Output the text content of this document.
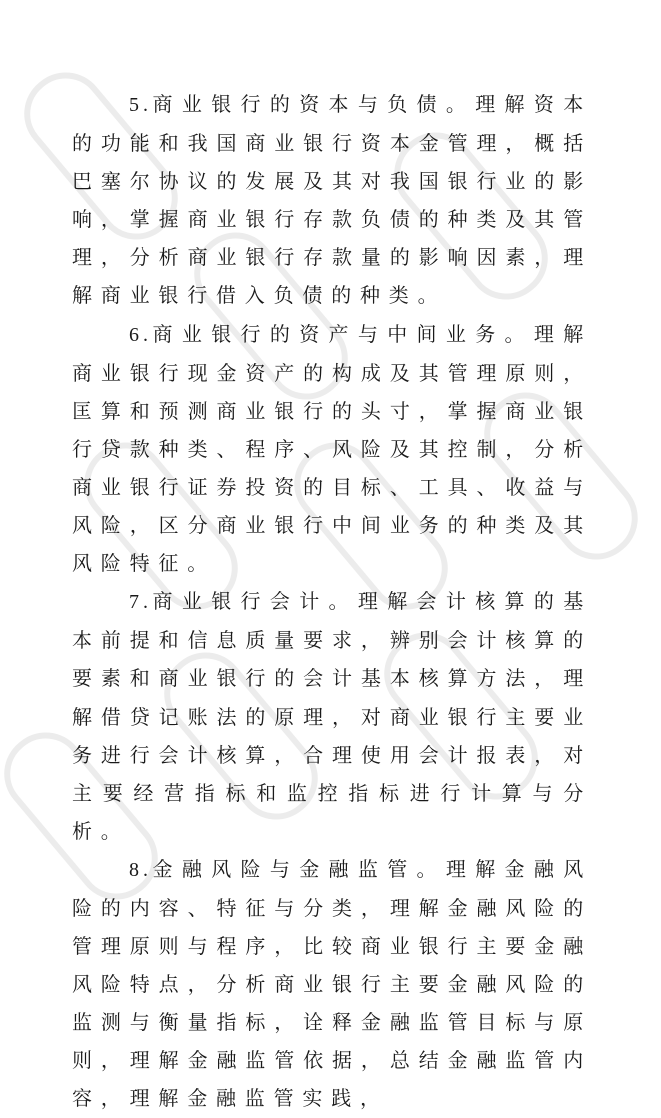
5.商业银行的资本与负债。理解资本的功能和我国商业银行资本金管理，概括巴塞尔协议的发展及其对我国银行业的影响，掌握商业银行存款负债的种类及其管理，分析商业银行存款量的影响因素，理解商业银行借入负债的种类。

6.商业银行的资产与中间业务。理解商业银行现金资产的构成及其管理原则，匡算和预测商业银行的头寸，掌握商业银行贷款种类、程序、风险及其控制，分析商业银行证券投资的目标、工具、收益与风险，区分商业银行中间业务的种类及其风险特征。

7.商业银行会计。理解会计核算的基本前提和信息质量要求，辨别会计核算的要素和商业银行的会计基本核算方法，理解借贷记账法的原理，对商业银行主要业务进行会计核算，合理使用会计报表，对主要经营指标和监控指标进行计算与分析。

8.金融风险与金融监管。理解金融风险的内容、特征与分类，理解金融风险的管理原则与程序，比较商业银行主要金融风险特点，分析商业银行主要金融风险的监测与衡量指标，诠释金融监管目标与原则，理解金融监管依据，总结金融监管内容，理解金融监管实践，
